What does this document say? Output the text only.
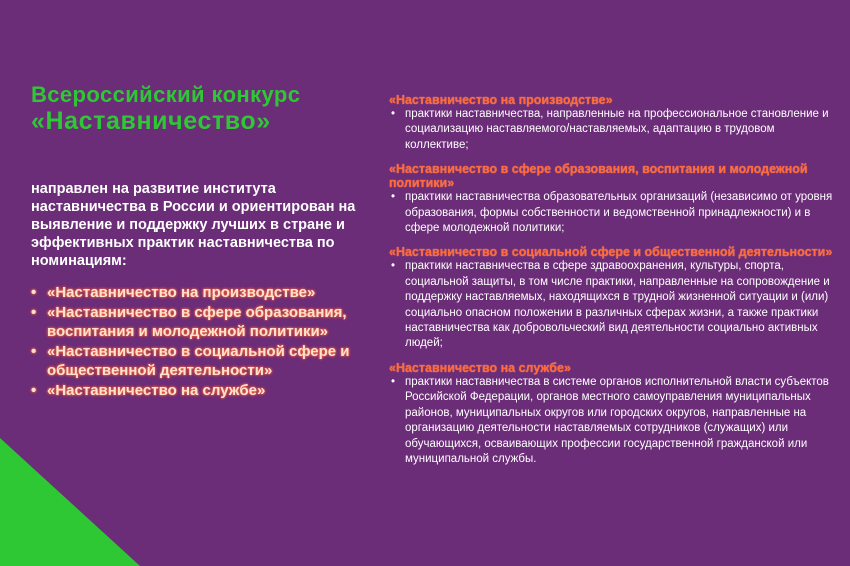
Всероссийский конкурс
«Наставничество»
направлен на развитие института наставничества в России и ориентирован на выявление и поддержку лучших в стране и эффективных практик наставничества по номинациям:
• «Наставничество на производстве»
• «Наставничество в сфере образования, воспитания и молодежной политики»
• «Наставничество в социальной сфере и общественной деятельности»
• «Наставничество на службе»
«Наставничество на производстве»
• практики наставничества, направленные на профессиональное становление и социализацию наставляемого/наставляемых, адаптацию в трудовом коллективе;
«Наставничество в сфере образования, воспитания и молодежной политики»
• практики наставничества образовательных организаций (независимо от уровня образования, формы собственности и ведомственной принадлежности) и в сфере молодежной политики;
«Наставничество в социальной сфере и общественной деятельности»
• практики наставничества в сфере здравоохранения, культуры, спорта, социальной защиты, в том числе практики, направленные на сопровождение и поддержку наставляемых, находящихся в трудной жизненной ситуации и (или) социально опасном положении в различных сферах жизни, а также практики наставничества как добровольческий вид деятельности социально активных людей;
«Наставничество на службе»
• практики наставничества в системе органов исполнительной власти субъектов Российской Федерации, органов местного самоуправления муниципальных районов, муниципальных округов или городских округов, направленные на организацию деятельности наставляемых сотрудников (служащих) или обучающихся, осваивающих профессии государственной гражданской или муниципальной службы.
